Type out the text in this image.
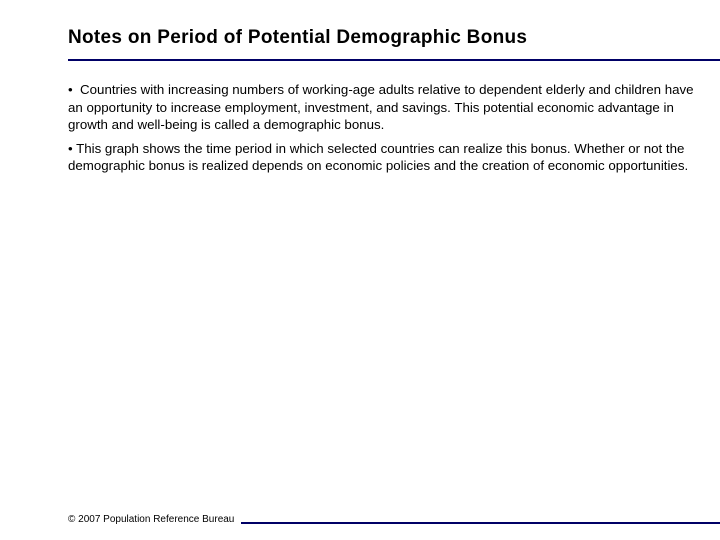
Notes on Period of Potential Demographic Bonus

•  Countries with increasing numbers of working-age adults relative to dependent elderly and children have an opportunity to increase employment, investment, and savings. This potential economic advantage in growth and well-being is called a demographic bonus.

• This graph shows the time period in which selected countries can realize this bonus. Whether or not the demographic bonus is realized depends on economic policies and the creation of economic opportunities.

© 2007 Population Reference Bureau
